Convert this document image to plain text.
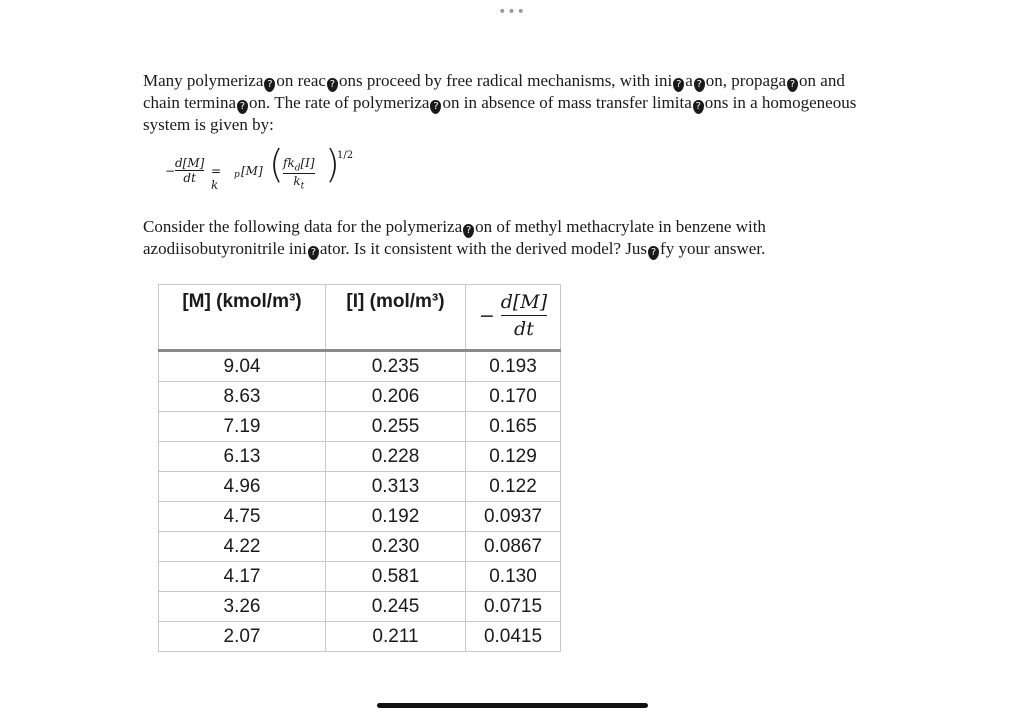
•••

Many polymeriza ? on reac ? ons proceed by free radical mechanisms, with ini ? a ? on, propaga ? on and chain termina ? on. The rate of polymeriza ? on in absence of mass transfer limita ? ons in a homogeneous system is given by:

−
d[M]
dt = k
p [M] ( $fk_d[I]$
$k_t$
)
1/2

Consider the following data for the polymeriza ? on of methyl methacrylate in benzene with azodiisobutyronitrile ini ? ator. Is it consistent with the derived model? Jus ? fy your answer.

[M] (kmol/m³)	[I] (mol/m³)	−
d[M]
dt

9.04	0.235	0.193
8.63	0.206	0.170
7.19	0.255	0.165
6.13	0.228	0.129
4.96	0.313	0.122
4.75	0.192	0.0937
4.22	0.230	0.0867
4.17	0.581	0.130
3.26	0.245	0.0715
2.07	0.211	0.0415
